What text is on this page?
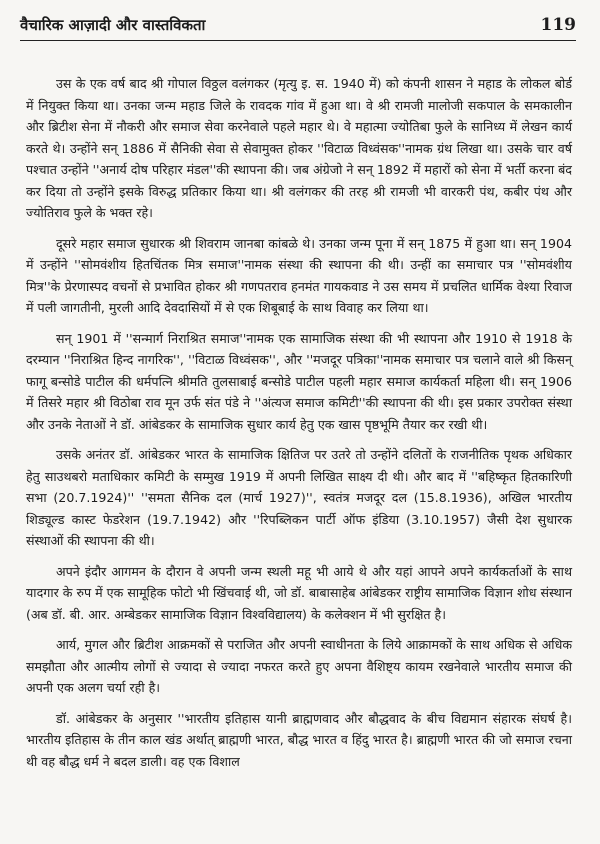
वैचारिक आज़ादी और वास्तविकता	119

उस के एक वर्ष बाद श्री गोपाल विठ्ठल वलंगकर (मृत्यु इ. स. 1940 में) को कंपनी शासन ने महाड के लोकल बोर्ड में नियुक्त किया था। उनका जन्म महाड जिले के रावदक गांव में हुआ था। वे श्री रामजी मालोजी सकपाल के समकालीन और ब्रिटीश सेना में नौकरी और समाज सेवा करनेवाले पहले महार थे। वे महात्मा ज्योतिबा फुले के सानिध्य में लेखन कार्य करते थे। उन्होंने सन् 1886 में सैनिकी सेवा से सेवामुक्त होकर ''विटाळ विध्वंसक''नामक ग्रंथ लिखा था। उसके चार वर्ष पश्चात उन्होंने ''अनार्य दोष परिहार मंडल''की स्थापना की। जब अंग्रेजो ने सन् 1892 में महारों को सेना में भर्ती करना बंद कर दिया तो उन्होंने इसके विरुद्ध प्रतिकार किया था। श्री वलंगकर की तरह श्री रामजी भी वारकरी पंथ, कबीर पंथ और ज्योतिराव फुले के भक्त रहे।

दूसरे महार समाज सुधारक श्री शिवराम जानबा कांबळे थे। उनका जन्म पूना में सन् 1875 में हुआ था। सन् 1904 में उन्होंने ''सोमवंशीय हितचिंतक मित्र समाज''नामक संस्था की स्थापना की थी। उन्हीं का समाचार पत्र ''सोमवंशीय मित्र''के प्रेरणास्पद वचनों से प्रभावित होकर श्री गणपतराव हनमंत गायकवाड ने उस समय में प्रचलित धार्मिक वेश्या रिवाज में पली जागतीनी, मुरली आदि देवदासियों में से एक शिबूबाई के साथ विवाह कर लिया था।

सन् 1901 में ''सन्मार्ग निराश्रित समाज''नामक एक सामाजिक संस्था की भी स्थापना और 1910 से 1918 के दरम्यान ''निराश्रित हिन्द नागरिक'', ''विटाळ विध्वंसक'', और ''मजदूर पत्रिका''नामक समाचार पत्र चलाने वाले श्री किसन् फागू बन्सोडे पाटील की धर्मपत्नि श्रीमति तुलसाबाई बन्सोडे पाटील पहली महार समाज कार्यकर्ता महिला थी। सन् 1906 में तिसरे महार श्री विठोबा राव मून उर्फ संत पंडे ने ''अंत्यज समाज कमिटी''की स्थापना की थी। इस प्रकार उपरोक्त संस्था और उनके नेताओं ने डॉ. आंबेडकर के सामाजिक सुधार कार्य हेतु एक खास पृष्ठभूमि तैयार कर रखी थी।

उसके अनंतर डॉ. आंबेडकर भारत के सामाजिक क्षितिज पर उतरे तो उन्होंने दलितों के राजनीतिक पृथक अधिकार हेतु साउथबरो मताधिकार कमिटी के सम्मुख 1919 में अपनी लिखित साक्ष्य दी थी। और बाद में ''बहिष्कृत हितकारिणी सभा (20.7.1924)'' ''समता सैनिक दल (मार्च 1927)'', स्वतंत्र मजदूर दल (15.8.1936), अखिल भारतीय शिड्यूल्ड कास्ट फेडरेशन (19.7.1942) और ''रिपब्लिकन पार्टी ऑफ इंडिया (3.10.1957) जैसी देश सुधारक संस्थाओं की स्थापना की थी।

अपने इंदौर आगमन के दौरान वे अपनी जन्म स्थली महू भी आये थे और यहां आपने अपने कार्यकर्ताओं के साथ यादगार के रुप में एक सामूहिक फोटो भी खिंचवाई थी, जो डॉ. बाबासाहेब आंबेडकर राष्ट्रीय सामाजिक विज्ञान शोध संस्थान (अब डॉ. बी. आर. अम्बेडकर सामाजिक विज्ञान विश्वविद्यालय) के कलेक्शन में भी सुरक्षित है।

आर्य, मुगल और ब्रिटीश आक्रमकों से पराजित और अपनी स्वाधीनता के लिये आक्रामकों के साथ अधिक से अधिक समझौता और आत्मीय लोगों से ज्यादा से ज्यादा नफरत करते हुए अपना वैशिष्ट्य कायम रखनेवाले भारतीय समाज की अपनी एक अलग चर्या रही है।

डॉ. आंबेडकर के अनुसार ''भारतीय इतिहास यानी ब्राह्मणवाद और बौद्धवाद के बीच विद्यमान संहारक संघर्ष है। भारतीय इतिहास के तीन काल खंड अर्थात् ब्राह्मणी भारत, बौद्ध भारत व हिंदु भारत है। ब्राह्मणी भारत की जो समाज रचना थी वह बौद्ध धर्म ने बदल डाली। वह एक विशाल
